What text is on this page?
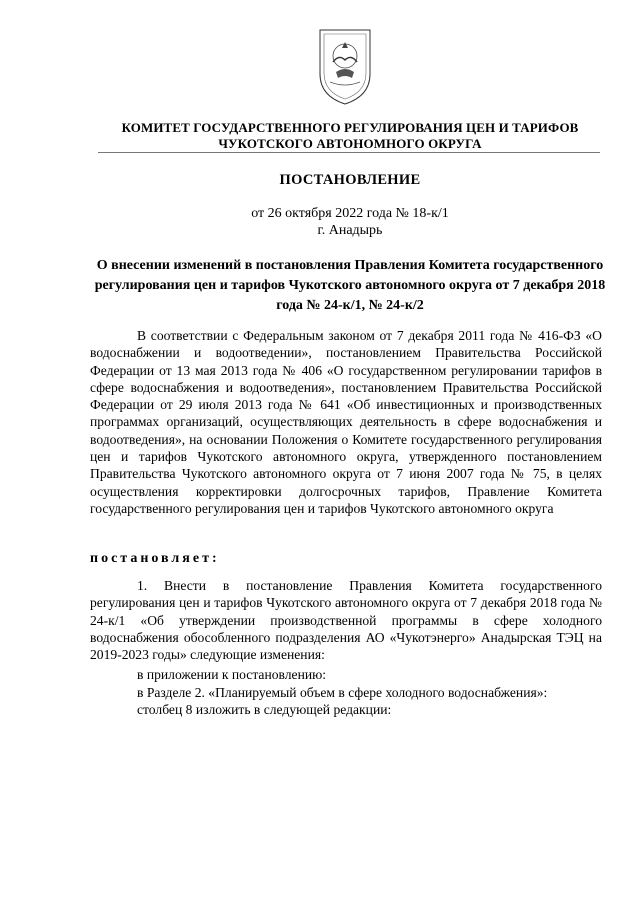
КОМИТЕТ ГОСУДАРСТВЕННОГО РЕГУЛИРОВАНИЯ ЦЕН И ТАРИФОВ
ЧУКОТСКОГО АВТОНОМНОГО ОКРУГА
ПОСТАНОВЛЕНИЕ
от 26 октября 2022 года № 18-к/1
г. Анадырь
О внесении изменений в постановления Правления Комитета государственного регулирования цен и тарифов Чукотского автономного округа от 7 декабря 2018 года № 24-к/1, № 24-к/2

В соответствии с Федеральным законом от 7 декабря 2011 года № 416-ФЗ «О водоснабжении и водоотведении», постановлением Правительства Российской Федерации от 13 мая 2013 года № 406 «О государственном регулировании тарифов в сфере водоснабжения и водоотведения», постановлением Правительства Российской Федерации от 29 июля 2013 года № 641 «Об инвестиционных и производственных программах организаций, осуществляющих деятельность в сфере водоснабжения и водоотведения», на основании Положения о Комитете государственного регулирования цен и тарифов Чукотского автономного округа, утвержденного постановлением Правительства Чукотского автономного округа от 7 июня 2007 года № 75, в целях осуществления корректировки долгосрочных тарифов, Правление Комитета государственного регулирования цен и тарифов Чукотского автономного округа

постановляет:

1. Внести в постановление Правления Комитета государственного регулирования цен и тарифов Чукотского автономного округа от 7 декабря 2018 года № 24-к/1 «Об утверждении производственной программы в сфере холодного водоснабжения обособленного подразделения АО «Чукотэнерго» Анадырская ТЭЦ на 2019-2023 годы» следующие изменения:

в приложении к постановлению:
в Разделе 2. «Планируемый объем в сфере холодного водоснабжения»:
столбец 8 изложить в следующей редакции:
